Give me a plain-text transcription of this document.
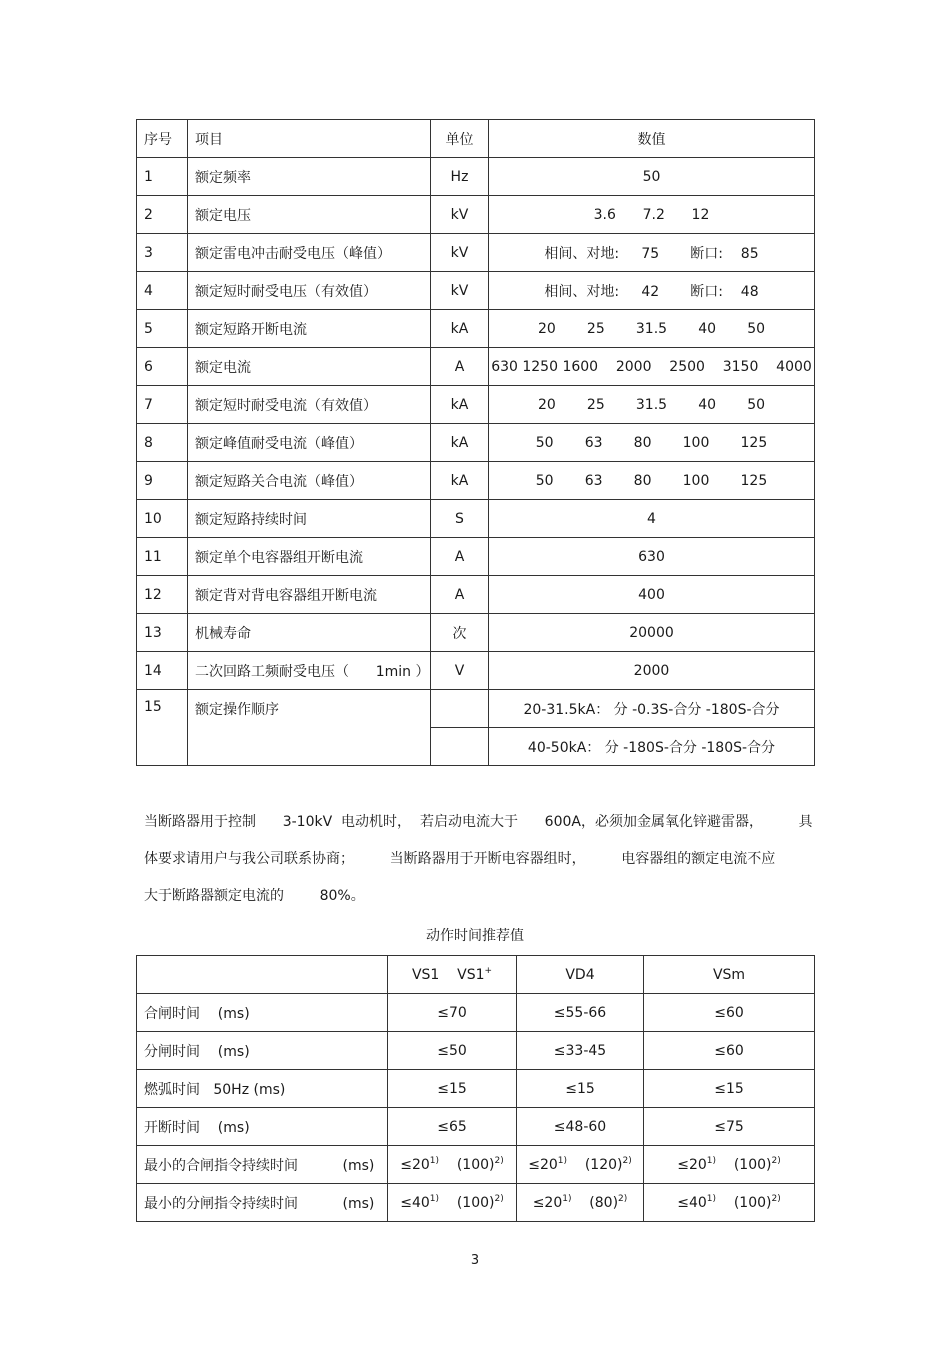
序号	项目	单位	数值
1	额定频率	Hz	50
2	额定电压	kV	3.6      7.2      12
3	额定雷电冲击耐受电压（峰值）	kV	相间、对地:     75       断口:    85
4	额定短时耐受电压（有效值）	kV	相间、对地:     42       断口:    48
5	额定短路开断电流	kA	20       25       31.5       40       50
6	额定电流	A	630 1250 1600    2000    2500    3150    4000
7	额定短时耐受电流（有效值）	kA	20       25       31.5       40       50
8	额定峰值耐受电流（峰值）	kA	50       63       80       100       125
9	额定短路关合电流（峰值）	kA	50       63       80       100       125
10	额定短路持续时间	S	4
11	额定单个电容器组开断电流	A	630
12	额定背对背电容器组开断电流	A	400
13	机械寿命	次	20000
14	二次回路工频耐受电压（      1min ）	V	2000
15	额定操作顺序		20-31.5kA： 分 -0.3S-合分 -180S-合分
			40-50kA： 分 -180S-合分 -180S-合分
当断路器用于控制      3-10kV  电动机时，  若启动电流大于      600A，必须加金属氧化锌避雷器，        具
体要求请用户与我公司联系协商；        当断路器用于开断电容器组时，        电容器组的额定电流不应
大于断路器额定电流的        80%。
动作时间推荐值
	VS1    VS1+	VD4	VSm
合闸时间    (ms)	≤70	≤55-66	≤60
分闸时间    (ms)	≤50	≤33-45	≤60
燃弧时间   50Hz (ms)	≤15	≤15	≤15
开断时间    (ms)	≤65	≤48-60	≤75
最小的合闸指令持续时间          (ms)	$\le 20^{1)}$ $(100)^{2)}$	$\le 20^{1)}$ $(120)^{2)}$	$\le 20^{1)}$ $(100)^{2)}$
最小的分闸指令持续时间          (ms)	$\le 40^{1)}$ $(100)^{2)}$	$\le 20^{1)}$ $(80)^{2)}$	$\le 40^{1)}$ $(100)^{2)}$
3
